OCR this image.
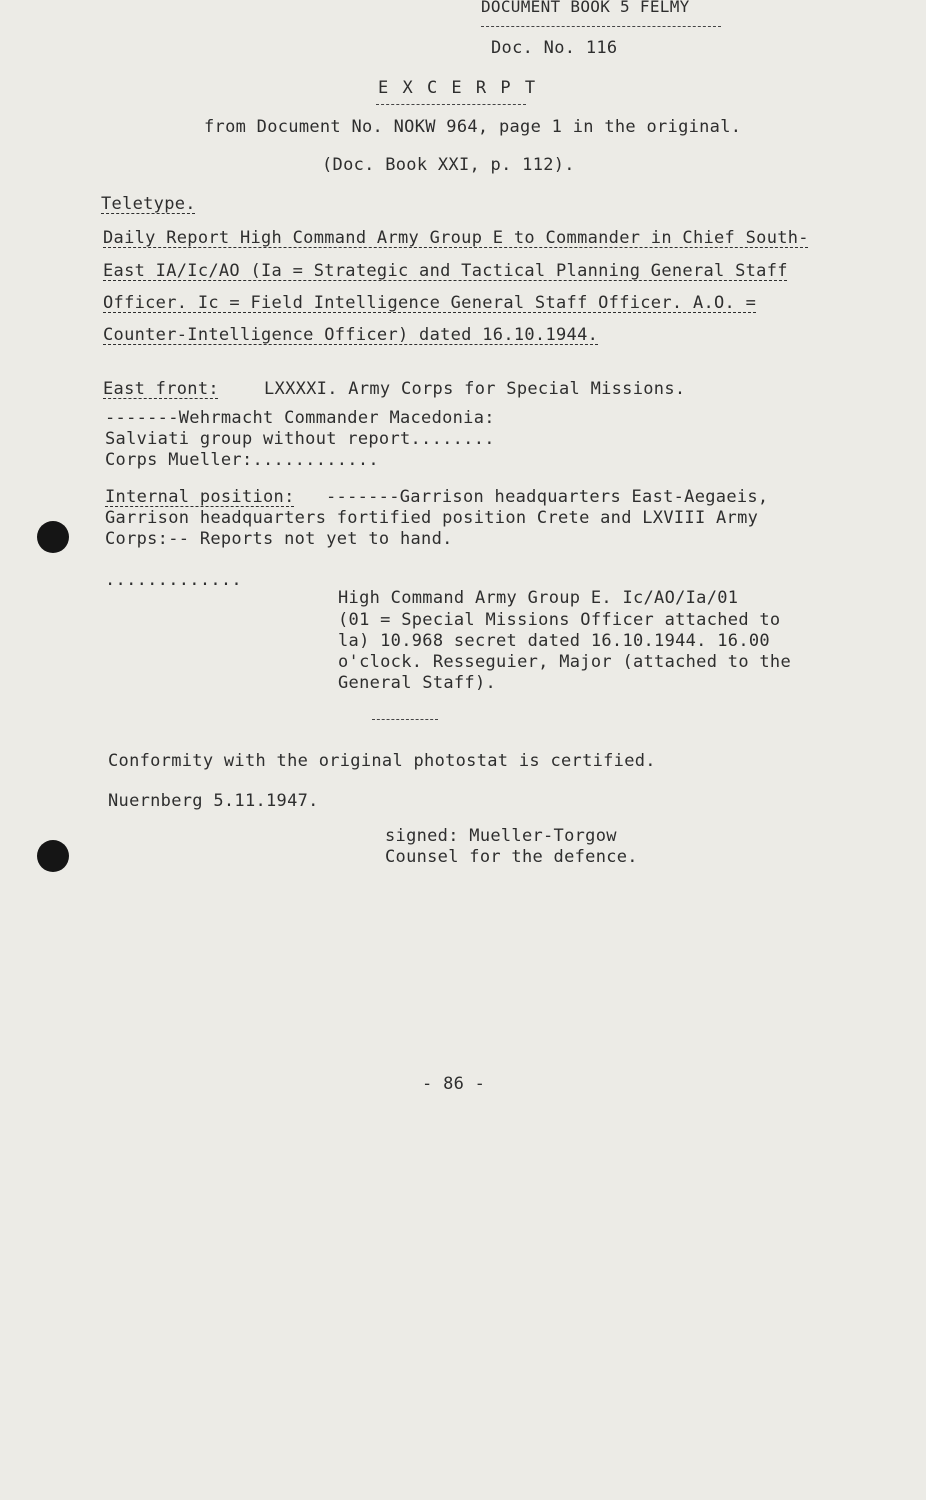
DOCUMENT BOOK 5 FELMY
Doc. No. 116
E X C E R P T
from Document No. NOKW 964, page 1 in the original.
(Doc. Book XXI, p. 112).
Teletype.
Daily Report High Command Army Group E to Commander in Chief South-
East IA/Ic/AO (Ia = Strategic and Tactical Planning General Staff
Officer. Ic = Field Intelligence General Staff Officer. A.O. =
Counter-Intelligence Officer) dated 16.10.1944.
East front:	LXXXXI. Army Corps for Special Missions.
-------Wehrmacht Commander Macedonia:
Salviati group without report........
Corps Mueller:............
Internal position: -------Garrison headquarters East-Aegaeis,
Garrison headquarters fortified position Crete and LXVIII Army
Corps:-- Reports not yet to hand.
.............
High Command Army Group E. Ic/AO/Ia/01
(01 = Special Missions Officer attached to
la) 10.968 secret dated 16.10.1944. 16.00
o'clock. Resseguier, Major (attached to the
General Staff).
Conformity with the original photostat is certified.
Nuernberg 5.11.1947.
signed: Mueller-Torgow
Counsel for the defence.
- 86 -
